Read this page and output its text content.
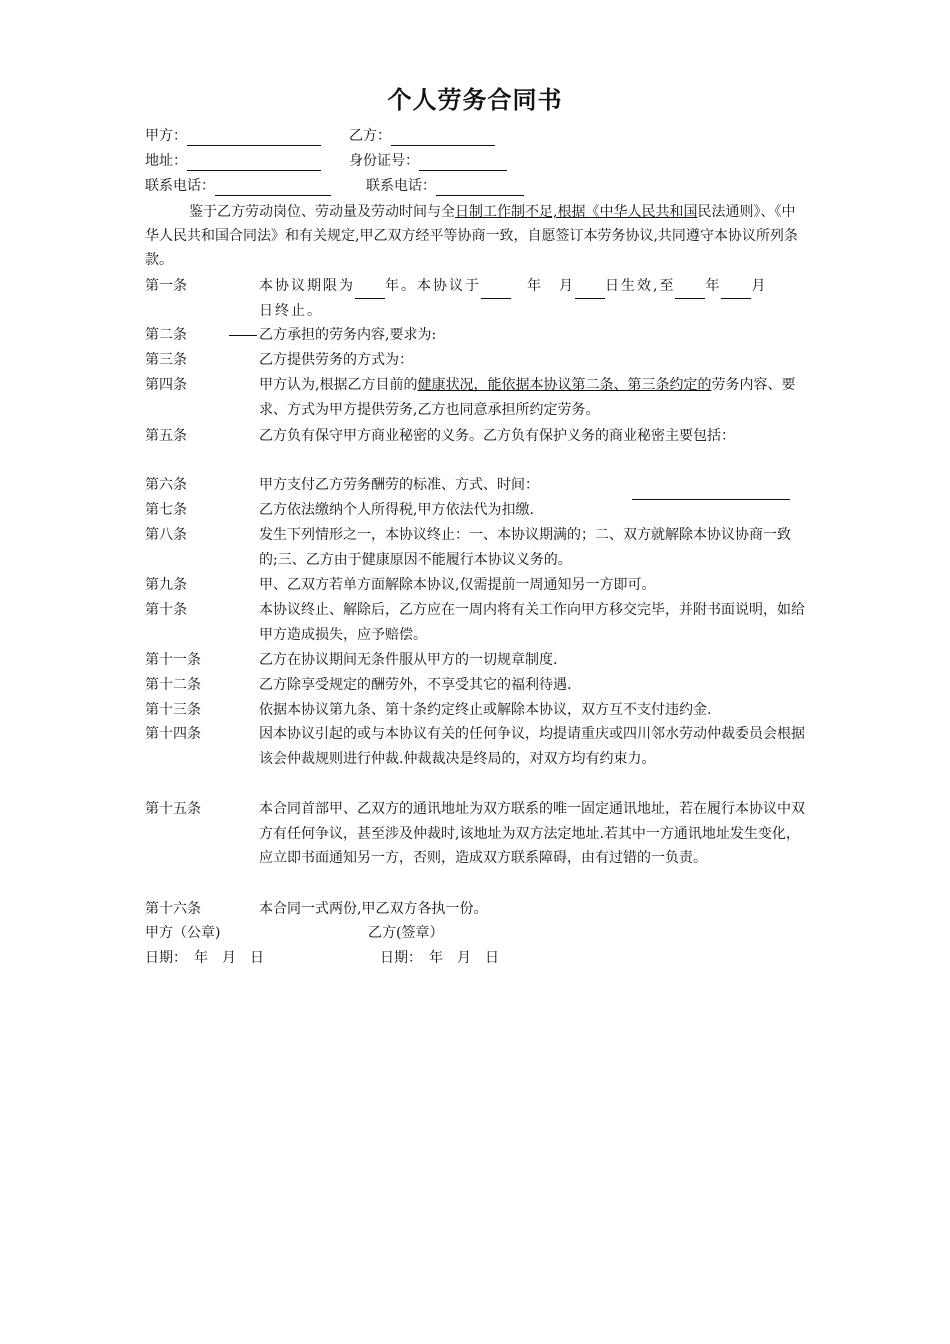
个人劳务合同书
甲方：	乙方：
地址：	身份证号：
联系电话：	联系电话：
鉴于乙方劳动岗位、劳动量及劳动时间与全日制工作制不足,根据《中华人民共和国民法通则》、《中华人民共和国合同法》和有关规定,甲乙双方经平等协商一致，自愿签订本劳务协议,共同遵守本协议所列条款。
第一条	本协议期限为 年。本协议于　	年　 月 日生效,至 年 月
日终止。
第二条	乙方承担的劳务内容,要求为:
第三条	乙方提供劳务的方式为：
第四条	甲方认为,根据乙方目前的健康状况，能依据本协议第二条、第三条约定的劳务内容、要求、方式为甲方提供劳务,乙方也同意承担所约定劳务。
第五条	乙方负有保守甲方商业秘密的义务。乙方负有保护义务的商业秘密主要包括：
第六条	甲方支付乙方劳务酬劳的标准、方式、时间：
第七条	乙方依法缴纳个人所得税,甲方依法代为扣缴.
第八条	发生下列情形之一，本协议终止：一、本协议期满的；二、双方就解除本协议协商一致的;三、乙方由于健康原因不能履行本协议义务的。
第九条	甲、乙双方若单方面解除本协议,仅需提前一周通知另一方即可。
第十条	本协议终止、解除后，乙方应在一周内将有关工作向甲方移交完毕，并附书面说明，如给甲方造成损失，应予赔偿。
第十一条	乙方在协议期间无条件服从甲方的一切规章制度.
第十二条	乙方除享受规定的酬劳外，不享受其它的福利待遇.
第十三条	依据本协议第九条、第十条约定终止或解除本协议，双方互不支付违约金.
第十四条	因本协议引起的或与本协议有关的任何争议，均提请重庆或四川邻水劳动仲裁委员会根据该会仲裁规则进行仲裁.仲裁裁决是终局的，对双方均有约束力。
第十五条	本合同首部甲、乙双方的通讯地址为双方联系的唯一固定通讯地址，若在履行本协议中双方有任何争议，甚至涉及仲裁时,该地址为双方法定地址.若其中一方通讯地址发生变化，应立即书面通知另一方，否则，造成双方联系障碍，由有过错的一负责。
第十六条	本合同一式两份,甲乙双方各执一份。
甲方（公章)	乙方(签章）
日期：　年　月　日	日期：　年　月　日
